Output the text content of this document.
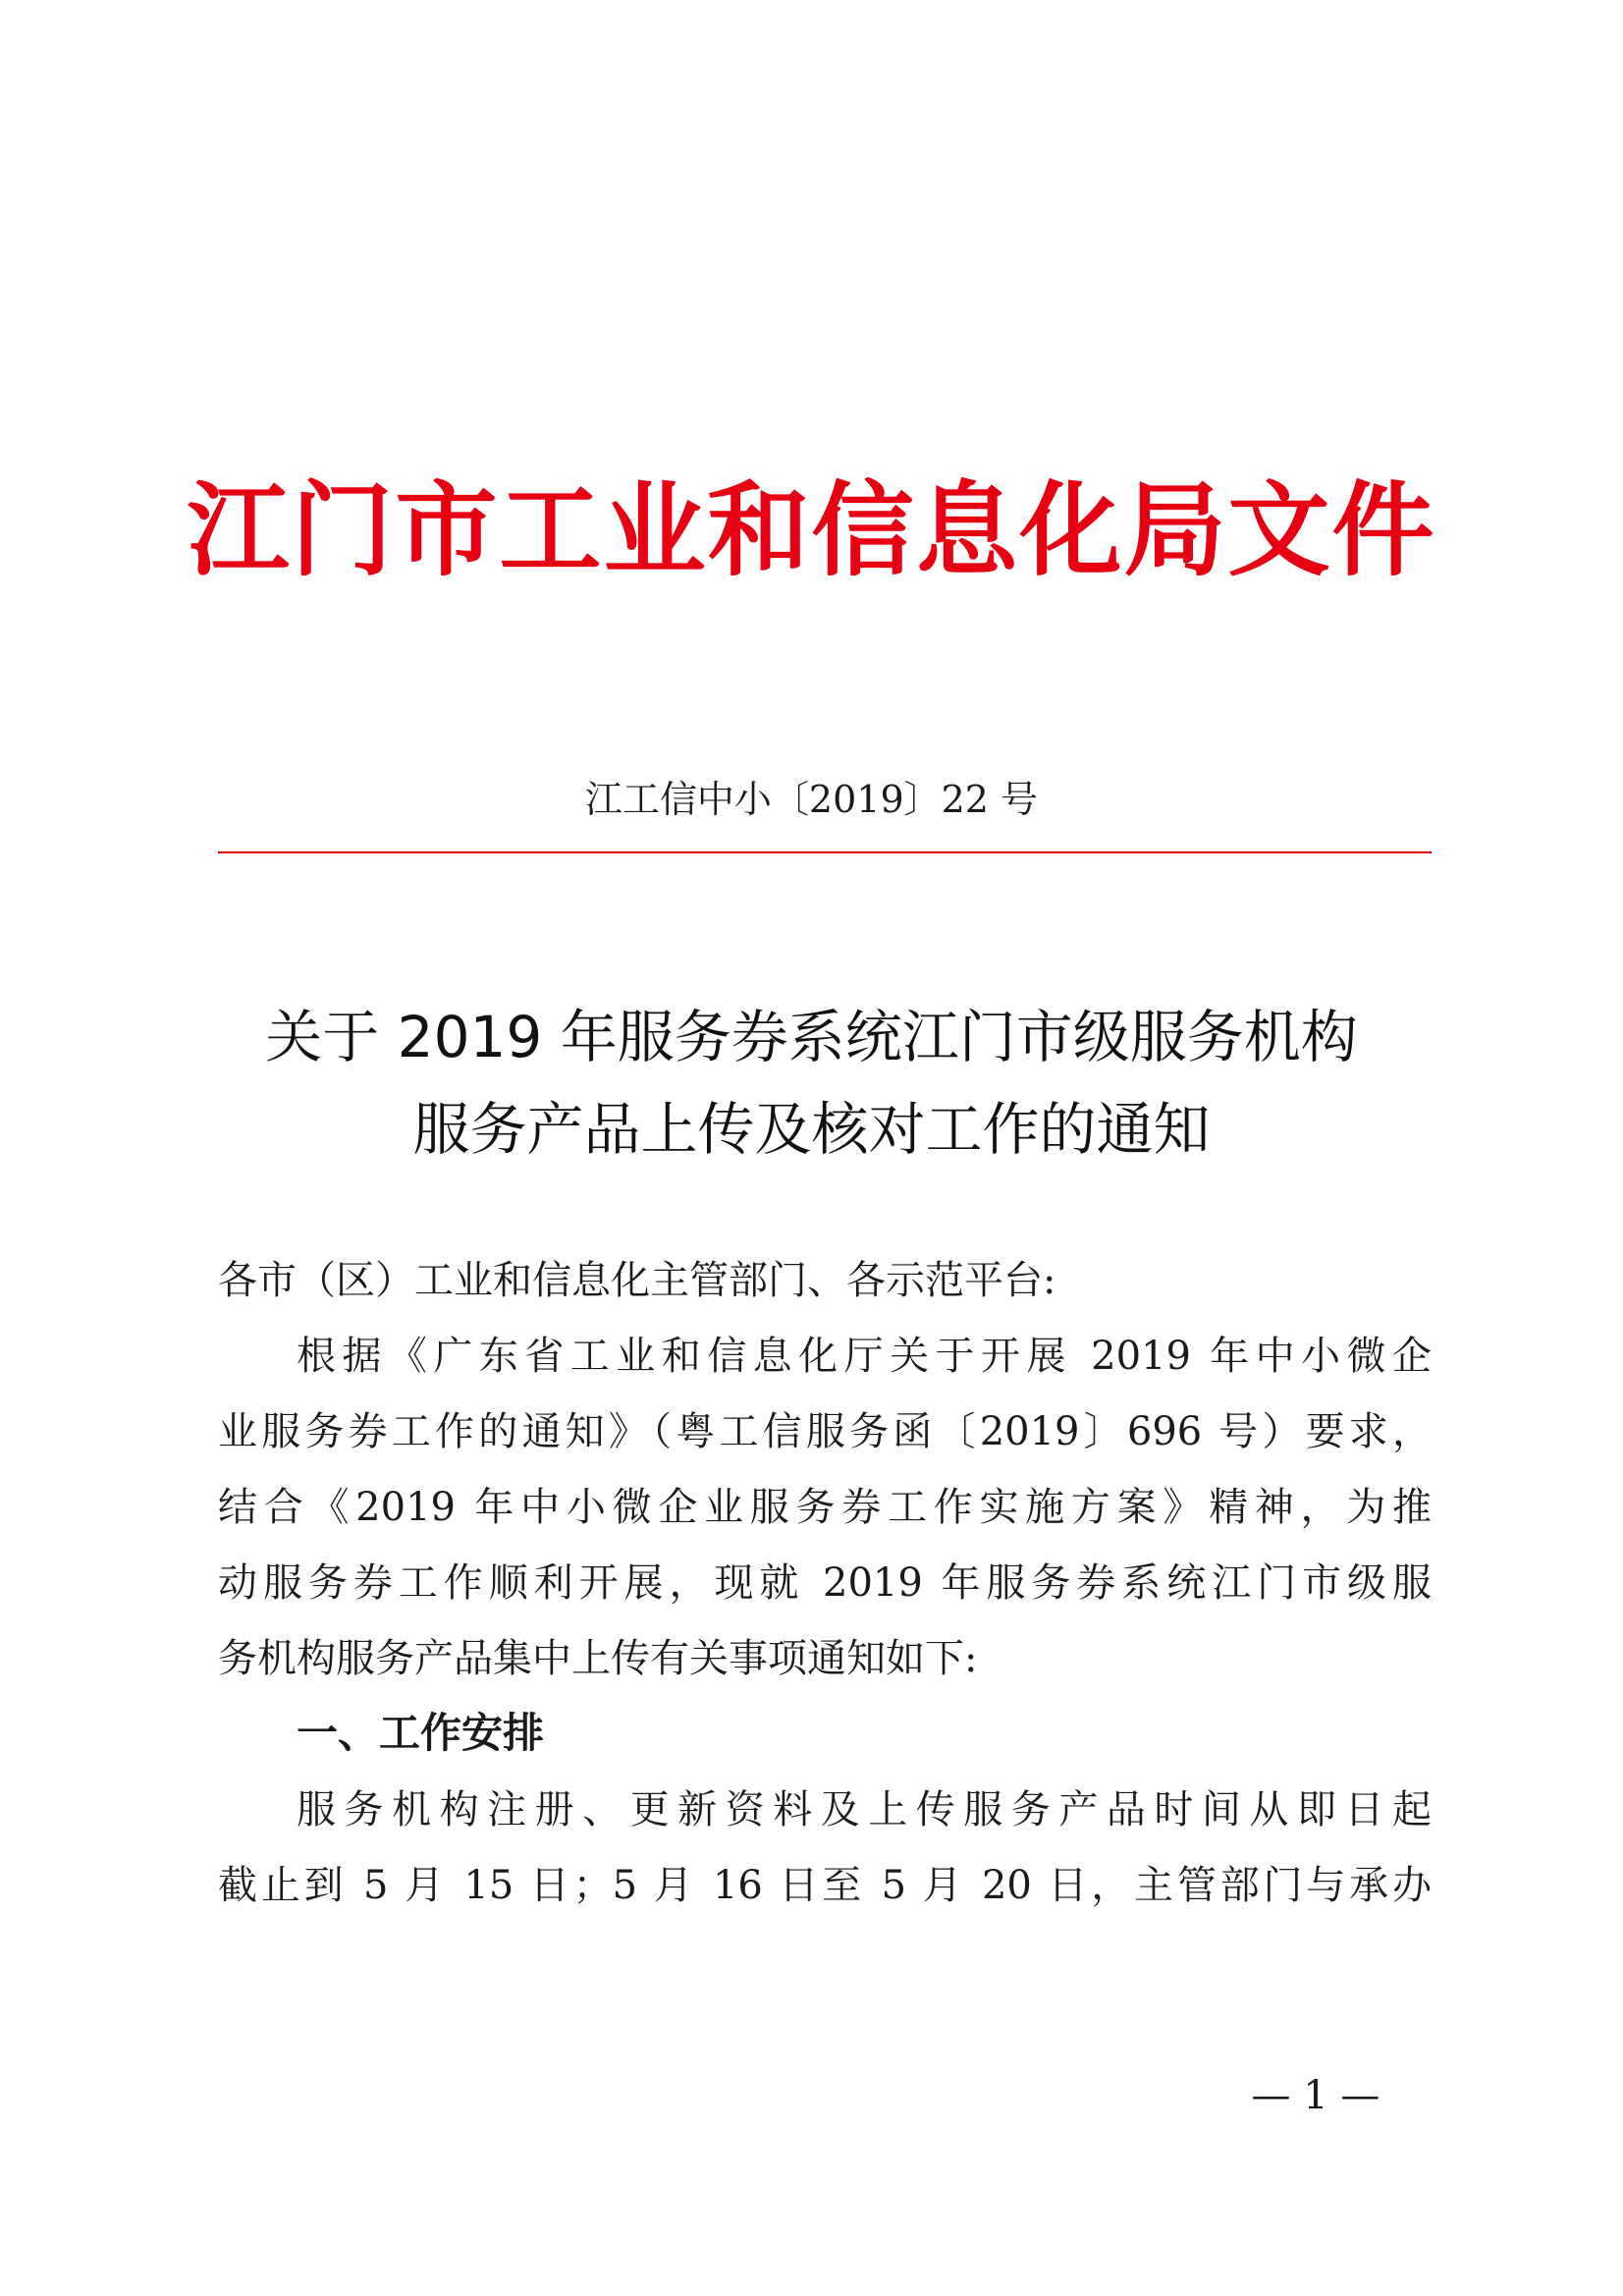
江门市工业和信息化局文件
江工信中小〔2019〕22 号
关于 2019 年服务券系统江门市级服务机构
服务产品上传及核对工作的通知
各市（区）工业和信息化主管部门、各示范平台:
根据《广东省工业和信息化厅关于开展 2019 年中小微企
业服务券工作的通知》（粤工信服务函〔2019〕696 号）要求，
结合《2019 年中小微企业服务券工作实施方案》精神，为推
动服务券工作顺利开展，现就 2019 年服务券系统江门市级服
务机构服务产品集中上传有关事项通知如下:
一、工作安排
服务机构注册、更新资料及上传服务产品时间从即日起
截止到 5 月 15 日；5 月 16 日至 5 月 20 日，主管部门与承办
— 1 —
